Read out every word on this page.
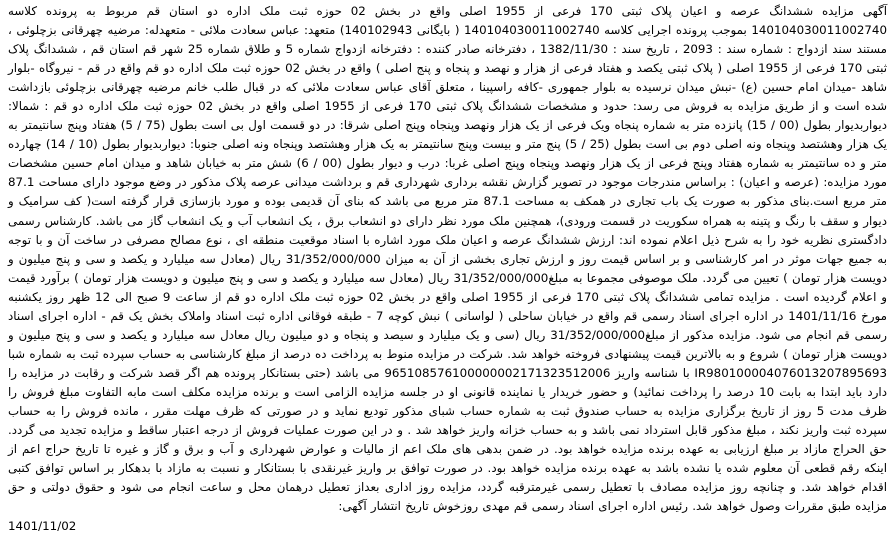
آگهی مزایده ششدانگ عرصه و اعیان پلاک ثبتی 170 فرعی از 1955 اصلی واقع در بخش 02 حوزه ثبت ملک اداره دو استان قم مربوط به پرونده کلاسه 140104030011002740 بموجب پرونده اجرایی کلاسه 140104030011002740 ( بایگانی 140102943) متعهد: عباس سعادت ملائی - متعهدله: مرضیه چهرقانی بزچلوئی ، مستند سند ازدواج : شماره سند : 2093 ، تاریخ سند : 1382/11/30 ، دفترخانه صادر کننده : دفترخانه ازدواج شماره 5 و طلاق شماره 25 شهر قم استان قم ، ششدانگ پلاک ثبتی 170 فرعی از 1955 اصلی ( پلاک ثبتی یکصد و هفتاد فرعی از هزار و نهصد و پنجاه و پنج اصلی ) واقع در بخش 02 حوزه ثبت ملک اداره دو قم واقع در قم - نیروگاه -بلوار شاهد -میدان امام حسین (ع) -نبش میدان نرسیده به بلوار جمهوری -کافه راسپینا ، متعلق آقای عباس سعادت ملائی که در قبال طلب خانم مرضیه چهرقانی بزچلوئی بازداشت شده است و از طریق مزایده به فروش می رسد: حدود و مشخصات ششدانگ پلاک ثبتی 170 فرعی از 1955 اصلی واقع در بخش 02 حوزه ثبت ملک اداره دو قم : شمالا: دیواربدیوار بطول (00 / 15) پانزده متر به شماره پنجاه ویک فرعی از یک هزار ونهصد وپنجاه وپنج اصلی شرقا: در دو قسمت اول بی است بطول (75 / 5) هفتاد وپنج سانتیمتر به یک هزار وهشتصد وپنجاه ونه اصلی دوم بی است بطول (25 / 5) پنج متر و بیست وپنج سانتیمتر به یک هزار وهشتصد وپنجاه ونه اصلی جنوبا: دیواربدیوار بطول (10 / 14) چهارده متر و ده سانتیمتر به شماره هفتاد وپنج فرعی از یک هزار ونهصد وپنجاه وپنج اصلی غربا: درب و دیوار بطول (00 / 6) شش متر به خیابان شاهد و میدان امام حسین مشخصات مورد مزایده: (عرصه و اعیان) : براساس مندرجات موجود در تصویر گزارش نقشه برداری شهرداری قم و برداشت میدانی عرصه پلاک مذکور در وضع موجود دارای مساحت 87.1 متر مربع است.بنای مذکور به صورت یک باب تجاری در همکف به مساحت 87.1 متر مربع می باشد که بنای آن قدیمی بوده و مورد بازسازی قرار گرفته است( کف سرامیک و دیوار و سقف با رنگ و پتینه به همراه سکوریت در قسمت ورودی)، همچنین ملک مورد نظر دارای دو انشعاب برق ، یک انشعاب آب و یک انشعاب گاز می باشد. کارشناس رسمی دادگستری نظریه خود را به شرح ذیل اعلام نموده اند: ارزش ششدانگ عرصه و اعیان ملک مورد اشاره با اسناد موقعیت منطقه ای ، نوع مصالح مصرفی در ساخت آن و با توجه به جمیع جهات موثر در امر کارشناسی و بر اساس قیمت روز و ارزش تجاری بخشی از آن به میزان 31/352/000/000 ریال (معادل سه میلیارد و یکصد و سی و پنج میلیون و دویست هزار تومان ) تعیین می گردد. ملک موصوفی مجموعا به مبلغ31/352/000/000 ریال (معادل سه میلیارد و یکصد و سی و پنج میلیون و دویست هزار تومان ) برآورد قیمت و اعلام گردیده است . مزایده تمامی ششدانگ پلاک ثبتی 170 فرعی از 1955 اصلی واقع در بخش 02 حوزه ثبت ملک اداره دو قم از ساعت 9 صبح الی 12 ظهر روز یکشنبه مورخ 1401/11/16 در اداره اجرای اسناد رسمی قم واقع در خیابان ساحلی ( لواسانی ) نبش کوچه 7 - طبقه فوقانی اداره ثبت اسناد واملاک بخش یک قم - اداره اجرای اسناد رسمی قم انجام می شود. مزایده مذکور از مبلغ31/352/000/000 ریال (سی و یک میلیارد و سیصد و پنجاه و دو میلیون ریال معادل سه میلیارد و یکصد و سی و پنج میلیون و دویست هزار تومان ) شروع و به بالاترین قیمت پیشنهادی فروخته خواهد شد. شرکت در مزایده منوط به پرداخت ده درصد از مبلغ کارشناسی به حساب سپرده ثبت به شماره شبا IR980100004076013207895693 با شناسه واریز 965108576100000002171323512006 می باشد (حتی بستانکار پرونده هم اگر قصد شرکت و رقابت در مزایده را دارد باید ابتدا به بابت 10 درصد را پرداخت نمائید) و حضور خریدار یا نماینده قانونی او در جلسه مزایده الزامی است و برنده مزایده مکلف است مابه التفاوت مبلغ فروش را ظرف مدت 5 روز از تاریخ برگزاری مزایده به حساب صندوق ثبت به شماره حساب شبای مذکور تودیع نماید و در صورتی که ظرف مهلت مقرر ، مانده فروش را به حساب سپرده ثبت واریز نکند ، مبلغ مذکور قابل استرداد نمی باشد و به حساب خزانه واریز خواهد شد . و در این صورت عملیات فروش از درجه اعتبار ساقط و مزایده تجدید می گردد. حق الحراج مازاد بر مبلغ ارزیابی به عهده برنده مزایده خواهد بود. در ضمن بدهی های ملک اعم از مالیات و عوارض شهرداری و آب و برق و گاز و غیره تا تاریخ حراج اعم از اینکه رقم قطعی آن معلوم شده یا نشده باشد به عهده برنده مزایده خواهد بود. در صورت توافق بر واریز غیرنقدی با بستانکار و نسبت به مازاد با بدهکار بر اساس توافق کتبی اقدام خواهد شد. و چنانچه روز مزایده مصادف با تعطیل رسمی غیرمترقبه گردد، مزایده روز اداری بعداز تعطیل درهمان محل و ساعت انجام می شود و حقوق دولتی و حق مزایده طبق مقررات وصول خواهد شد. رئیس اداره اجرای اسناد رسمی قم مهدی روزخوش تاریخ انتشار آگهی:

1401/11/02
